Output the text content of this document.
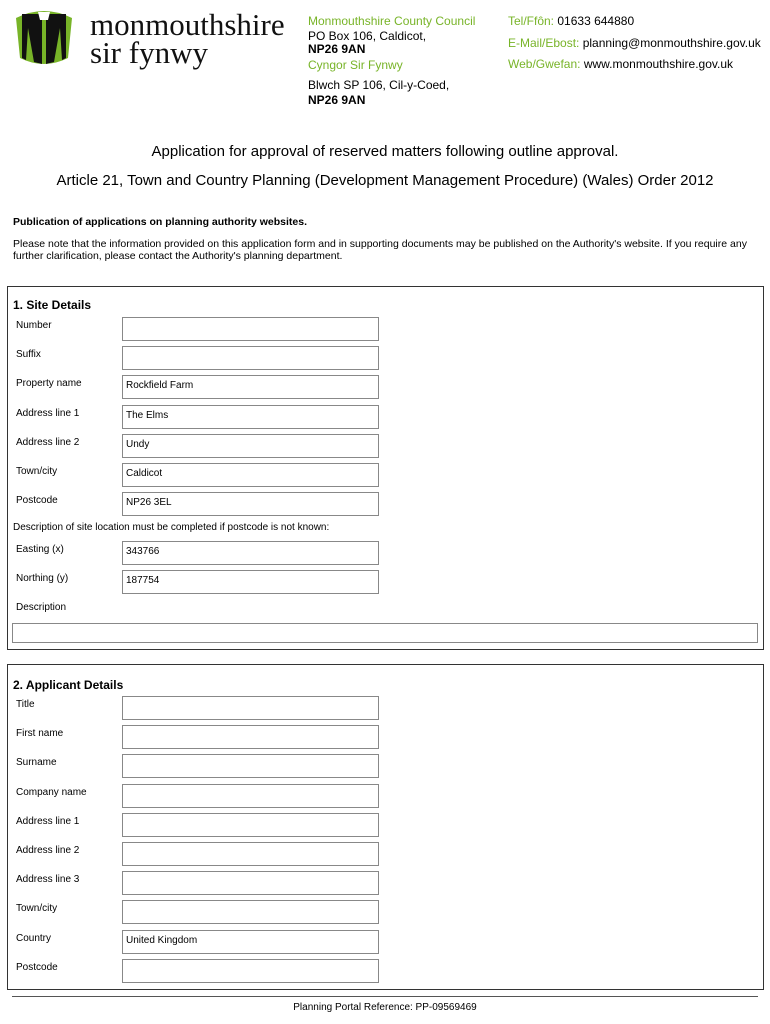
monmouthshire
sir fynwy
Monmouthshire County Council
PO Box 106, Caldicot,
NP26 9AN
Cyngor Sir Fynwy
Blwch SP 106, Cil-y-Coed,
NP26 9AN
Tel/Ffôn: 01633 644880
E-Mail/Ebost: planning@monmouthshire.gov.uk
Web/Gwefan: www.monmouthshire.gov.uk
Application for approval of reserved matters following outline approval.
Article 21, Town and Country Planning (Development Management Procedure) (Wales) Order 2012
Publication of applications on planning authority websites.
Please note that the information provided on this application form and in supporting documents may be published on the Authority's website. If you require any further clarification, please contact the Authority's planning department.
1. Site Details
Number
Suffix
Property name	Rockfield Farm
Address line 1	The Elms
Address line 2	Undy
Town/city	Caldicot
Postcode	NP26 3EL
Description of site location must be completed if postcode is not known:
Easting (x)	343766
Northing (y)	187754
Description
2. Applicant Details
Title
First name
Surname
Company name
Address line 1
Address line 2
Address line 3
Town/city
Country	United Kingdom
Postcode
Planning Portal Reference: PP-09569469
